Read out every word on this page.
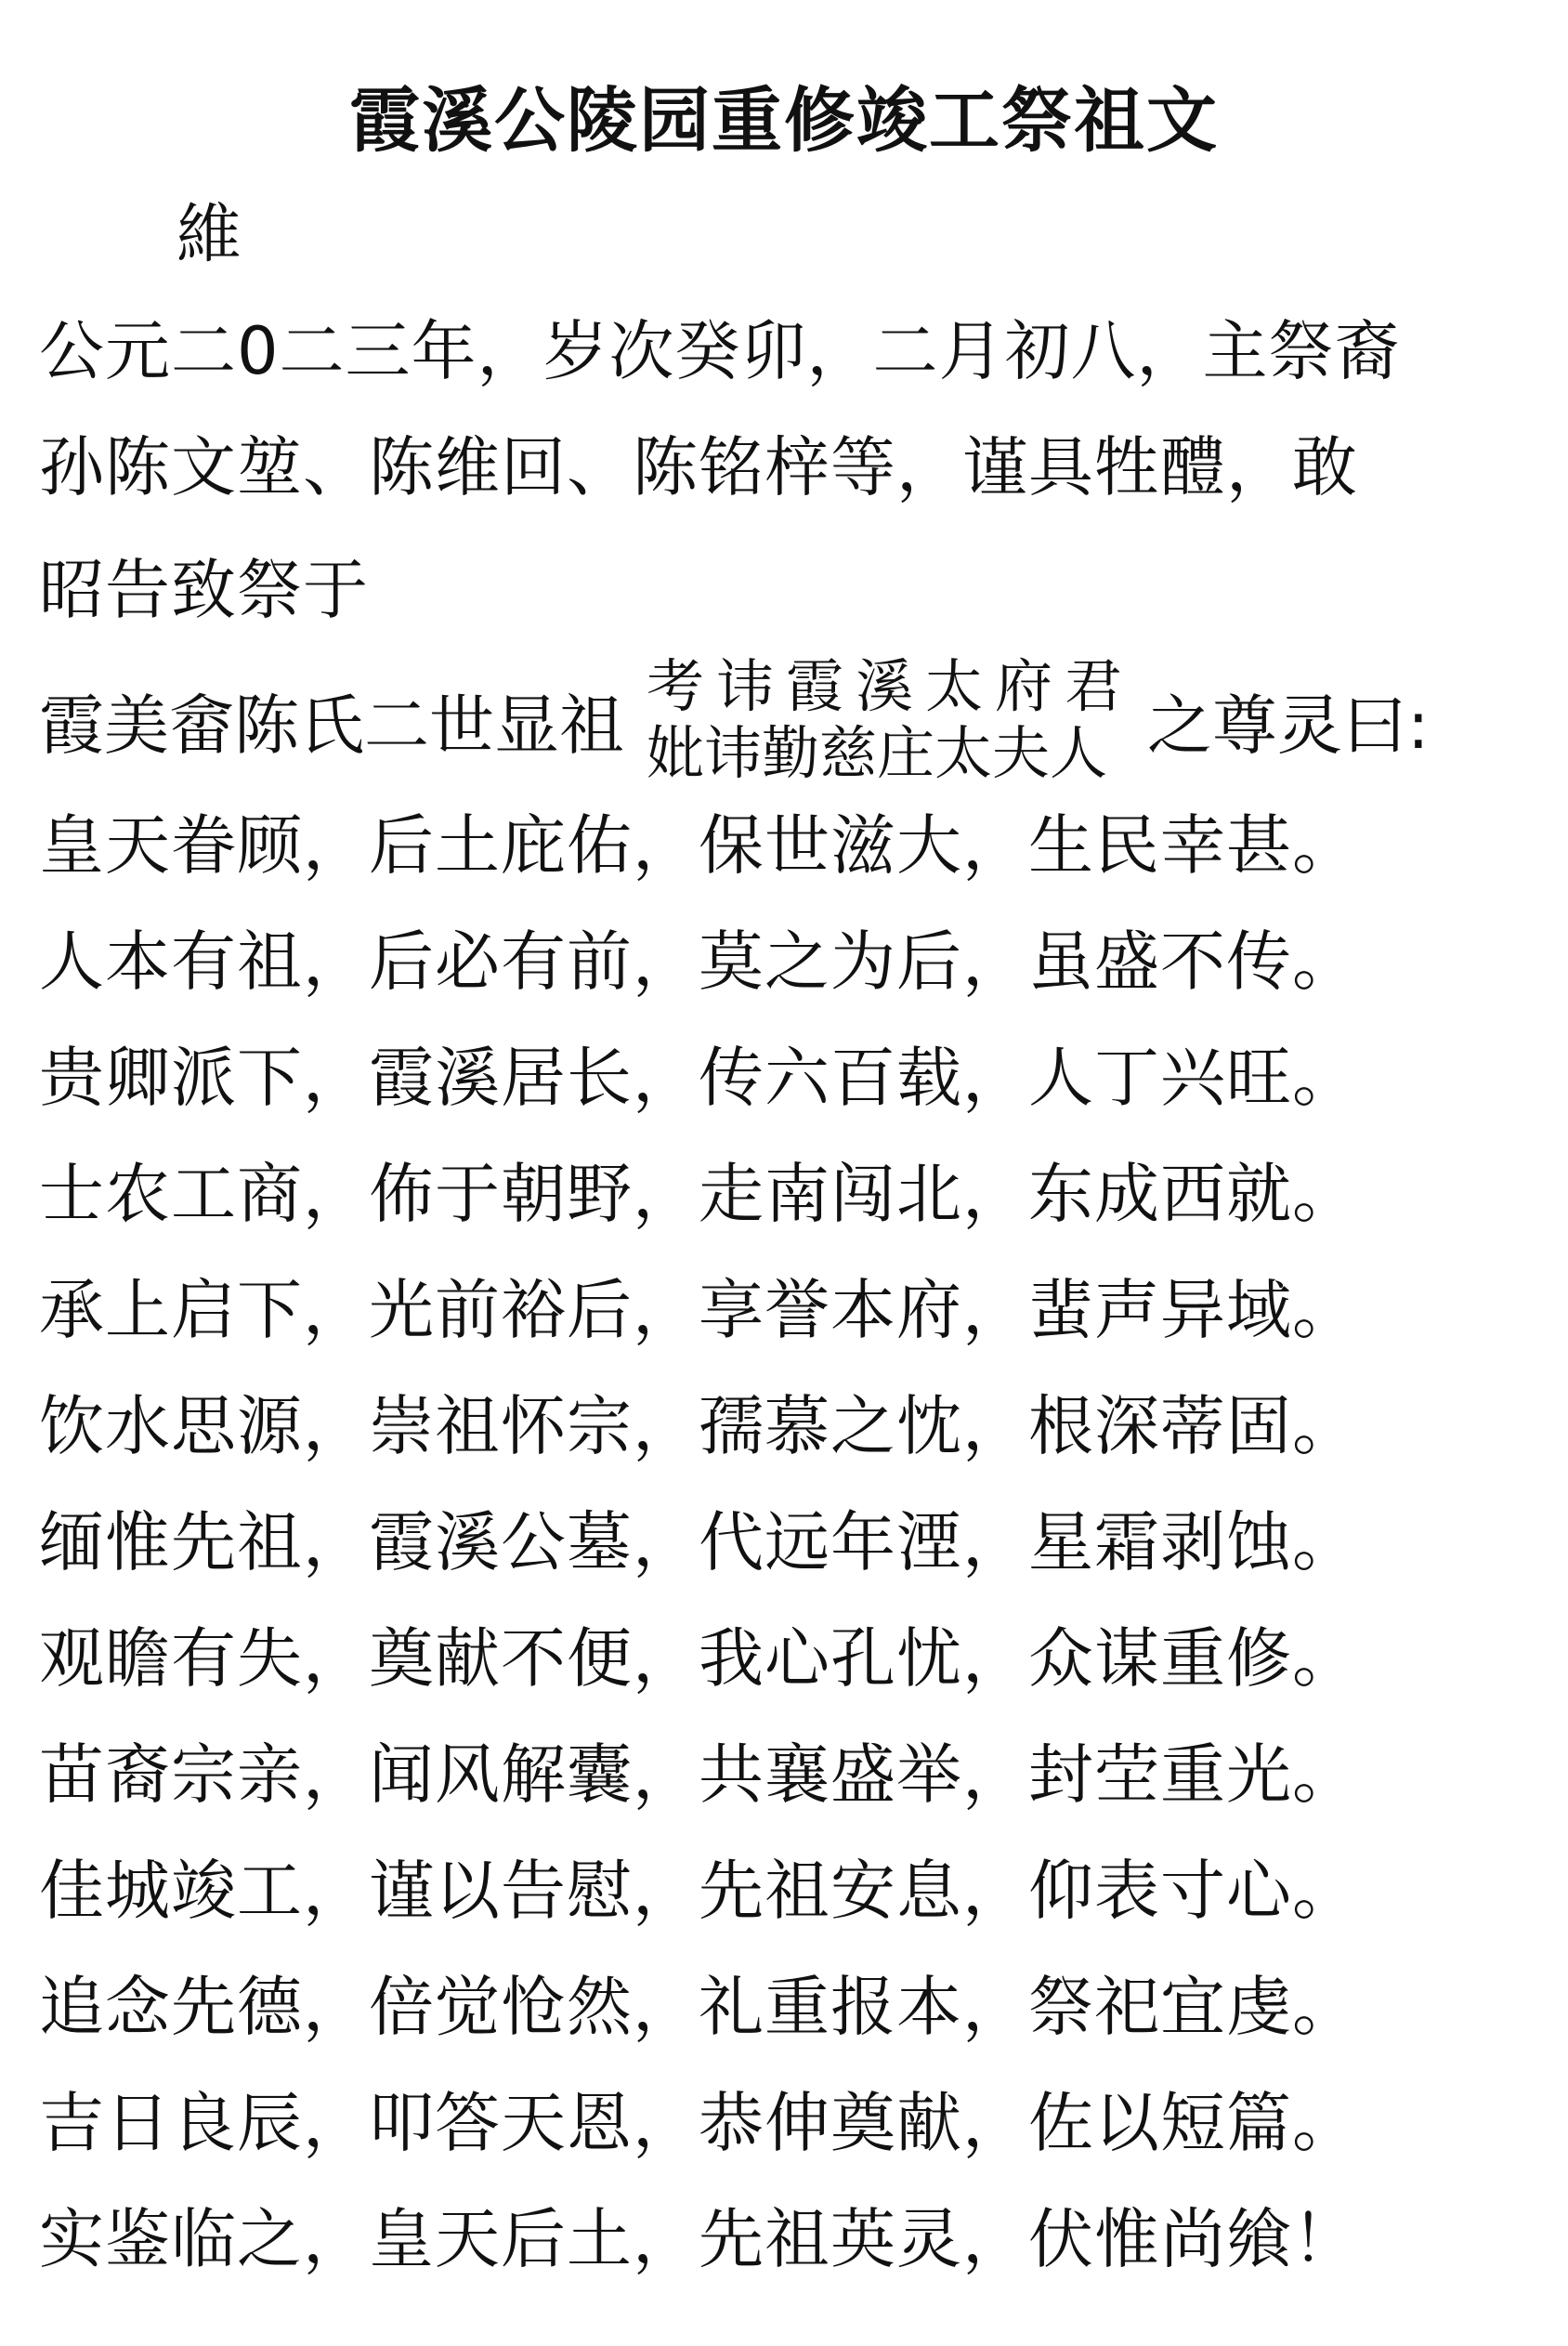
霞溪公陵园重修竣工祭祖文
維
公元二0二三年，岁次癸卯，二月初八，主祭裔
孙陈文堃、陈维回、陈铭梓等，谨具牲醴，敢
昭告致祭于
霞美畲陈氏二世显祖
考讳霞溪太府君
妣讳勤慈庄太夫人 之尊灵曰:
皇天眷顾，后土庇佑，保世滋大，生民幸甚。
人本有祖，后必有前，莫之为后，虽盛不传。
贵卿派下，霞溪居长，传六百载，人丁兴旺。
士农工商，佈于朝野，走南闯北，东成西就。
承上启下，光前裕后，享誉本府，蜚声异域。
饮水思源，崇祖怀宗，孺慕之忱，根深蒂固。
缅惟先祖，霞溪公墓，代远年湮，星霜剥蚀。
观瞻有失，奠献不便，我心孔忧，众谋重修。
苗裔宗亲，闻风解囊，共襄盛举，封茔重光。
佳城竣工，谨以告慰，先祖安息，仰表寸心。
追念先德，倍觉怆然，礼重报本，祭祀宜虔。
吉日良辰，叩答天恩，恭伸奠献，佐以短篇。
实鉴临之，皇天后土，先祖英灵，伏惟尚飨！
